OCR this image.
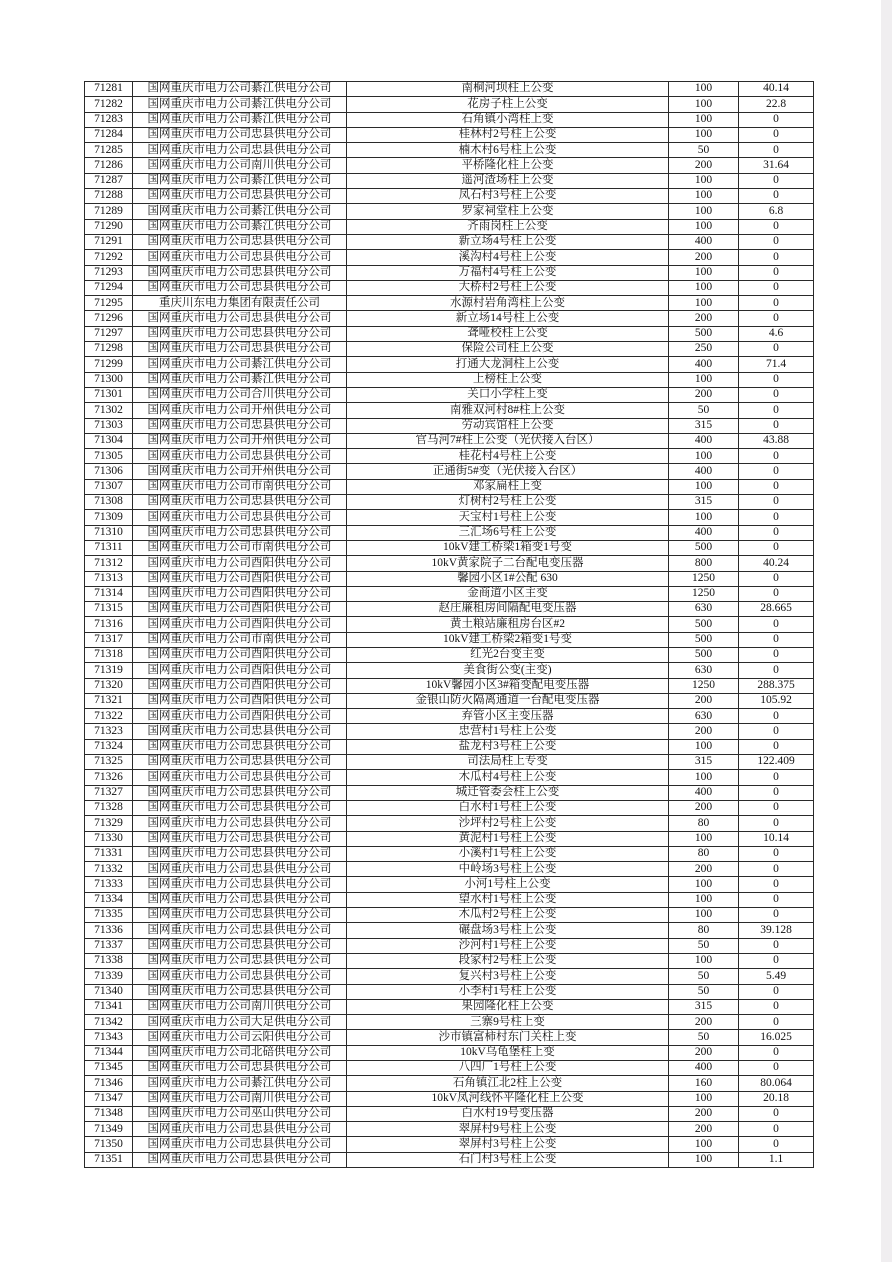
71281	国网重庆市电力公司綦江供电分公司	南桐河坝柱上公变	100	40.14
71282	国网重庆市电力公司綦江供电分公司	花房子柱上公变	100	22.8
71283	国网重庆市电力公司綦江供电分公司	石角镇小湾柱上变	100	0
71284	国网重庆市电力公司忠县供电分公司	桂林村2号柱上公变	100	0
71285	国网重庆市电力公司忠县供电分公司	楠木村6号柱上公变	50	0
71286	国网重庆市电力公司南川供电分公司	平桥隆化柱上公变	200	31.64
71287	国网重庆市电力公司綦江供电分公司	遥河渣场柱上公变	100	0
71288	国网重庆市电力公司忠县供电分公司	凤石村3号柱上公变	100	0
71289	国网重庆市电力公司綦江供电分公司	罗家祠堂柱上公变	100	6.8
71290	国网重庆市电力公司綦江供电分公司	齐雨岗柱上公变	100	0
71291	国网重庆市电力公司忠县供电分公司	新立场4号柱上公变	400	0
71292	国网重庆市电力公司忠县供电分公司	溪沟村4号柱上公变	200	0
71293	国网重庆市电力公司忠县供电分公司	万福村4号柱上公变	100	0
71294	国网重庆市电力公司忠县供电分公司	大桥村2号柱上公变	100	0
71295	重庆川东电力集团有限责任公司	水源村岩角湾柱上公变	100	0
71296	国网重庆市电力公司忠县供电分公司	新立场14号柱上公变	200	0
71297	国网重庆市电力公司忠县供电分公司	聋哑校柱上公变	500	4.6
71298	国网重庆市电力公司忠县供电分公司	保险公司柱上公变	250	0
71299	国网重庆市电力公司綦江供电分公司	打通大龙洞柱上公变	400	71.4
71300	国网重庆市电力公司綦江供电分公司	上榜柱上公变	100	0
71301	国网重庆市电力公司合川供电分公司	关口小学柱上变	200	0
71302	国网重庆市电力公司开州供电分公司	南雅双河村8#柱上公变	50	0
71303	国网重庆市电力公司忠县供电分公司	劳动宾馆柱上公变	315	0
71304	国网重庆市电力公司开州供电分公司	官马河7#柱上公变（光伏接入台区）	400	43.88
71305	国网重庆市电力公司忠县供电分公司	桂花村4号柱上公变	100	0
71306	国网重庆市电力公司开州供电分公司	正通街5#变（光伏接入台区）	400	0
71307	国网重庆市电力公司市南供电分公司	邓家扁柱上变	100	0
71308	国网重庆市电力公司忠县供电分公司	灯树村2号柱上公变	315	0
71309	国网重庆市电力公司忠县供电分公司	天宝村1号柱上公变	100	0
71310	国网重庆市电力公司忠县供电分公司	三汇场6号柱上公变	400	0
71311	国网重庆市电力公司市南供电分公司	10kV建工桥梁1箱变1号变	500	0
71312	国网重庆市电力公司酉阳供电分公司	10kV黄家院子二台配电变压器	800	40.24
71313	国网重庆市电力公司酉阳供电分公司	馨园小区1#公配 630	1250	0
71314	国网重庆市电力公司酉阳供电分公司	金商道小区主变	1250	0
71315	国网重庆市电力公司酉阳供电分公司	赵庄廉租房间隔配电变压器	630	28.665
71316	国网重庆市电力公司酉阳供电分公司	黄土粮站廉租房台区#2	500	0
71317	国网重庆市电力公司市南供电分公司	10kV建工桥梁2箱变1号变	500	0
71318	国网重庆市电力公司酉阳供电分公司	红光2台变主变	500	0
71319	国网重庆市电力公司酉阳供电分公司	美食街公变(主变)	630	0
71320	国网重庆市电力公司酉阳供电分公司	10kV馨园小区3#箱变配电变压器	1250	288.375
71321	国网重庆市电力公司酉阳供电分公司	金银山防火隔离通道一台配电变压器	200	105.92
71322	国网重庆市电力公司酉阳供电分公司	弃管小区主变压器	630	0
71323	国网重庆市电力公司忠县供电分公司	忠营村1号柱上公变	200	0
71324	国网重庆市电力公司忠县供电分公司	盐龙村3号柱上公变	100	0
71325	国网重庆市电力公司忠县供电分公司	司法局柱上专变	315	122.409
71326	国网重庆市电力公司忠县供电分公司	木瓜村4号柱上公变	100	0
71327	国网重庆市电力公司忠县供电分公司	城迁管委会柱上公变	400	0
71328	国网重庆市电力公司忠县供电分公司	白水村1号柱上公变	200	0
71329	国网重庆市电力公司忠县供电分公司	沙坪村2号柱上公变	80	0
71330	国网重庆市电力公司忠县供电分公司	黄泥村1号柱上公变	100	10.14
71331	国网重庆市电力公司忠县供电分公司	小溪村1号柱上公变	80	0
71332	国网重庆市电力公司忠县供电分公司	中岭场3号柱上公变	200	0
71333	国网重庆市电力公司忠县供电分公司	小河1号柱上公变	100	0
71334	国网重庆市电力公司忠县供电分公司	望水村1号柱上公变	100	0
71335	国网重庆市电力公司忠县供电分公司	木瓜村2号柱上公变	100	0
71336	国网重庆市电力公司忠县供电分公司	碾盘场3号柱上公变	80	39.128
71337	国网重庆市电力公司忠县供电分公司	沙河村1号柱上公变	50	0
71338	国网重庆市电力公司忠县供电分公司	段家村2号柱上公变	100	0
71339	国网重庆市电力公司忠县供电分公司	复兴村3号柱上公变	50	5.49
71340	国网重庆市电力公司忠县供电分公司	小李村1号柱上公变	50	0
71341	国网重庆市电力公司南川供电分公司	果园隆化柱上公变	315	0
71342	国网重庆市电力公司大足供电分公司	三寨9号柱上变	200	0
71343	国网重庆市电力公司云阳供电分公司	沙市镇富柿村东门关柱上变	50	16.025
71344	国网重庆市电力公司北碚供电分公司	10kV乌龟堡柱上变	200	0
71345	国网重庆市电力公司忠县供电分公司	八四厂1号柱上公变	400	0
71346	国网重庆市电力公司綦江供电分公司	石角镇江北2柱上公变	160	80.064
71347	国网重庆市电力公司南川供电分公司	10kV凤河线怀平隆化柱上公变	100	20.18
71348	国网重庆市电力公司巫山供电分公司	白水村19号变压器	200	0
71349	国网重庆市电力公司忠县供电分公司	翠屏村9号柱上公变	200	0
71350	国网重庆市电力公司忠县供电分公司	翠屏村3号柱上公变	100	0
71351	国网重庆市电力公司忠县供电分公司	石门村3号柱上公变	100	1.1
